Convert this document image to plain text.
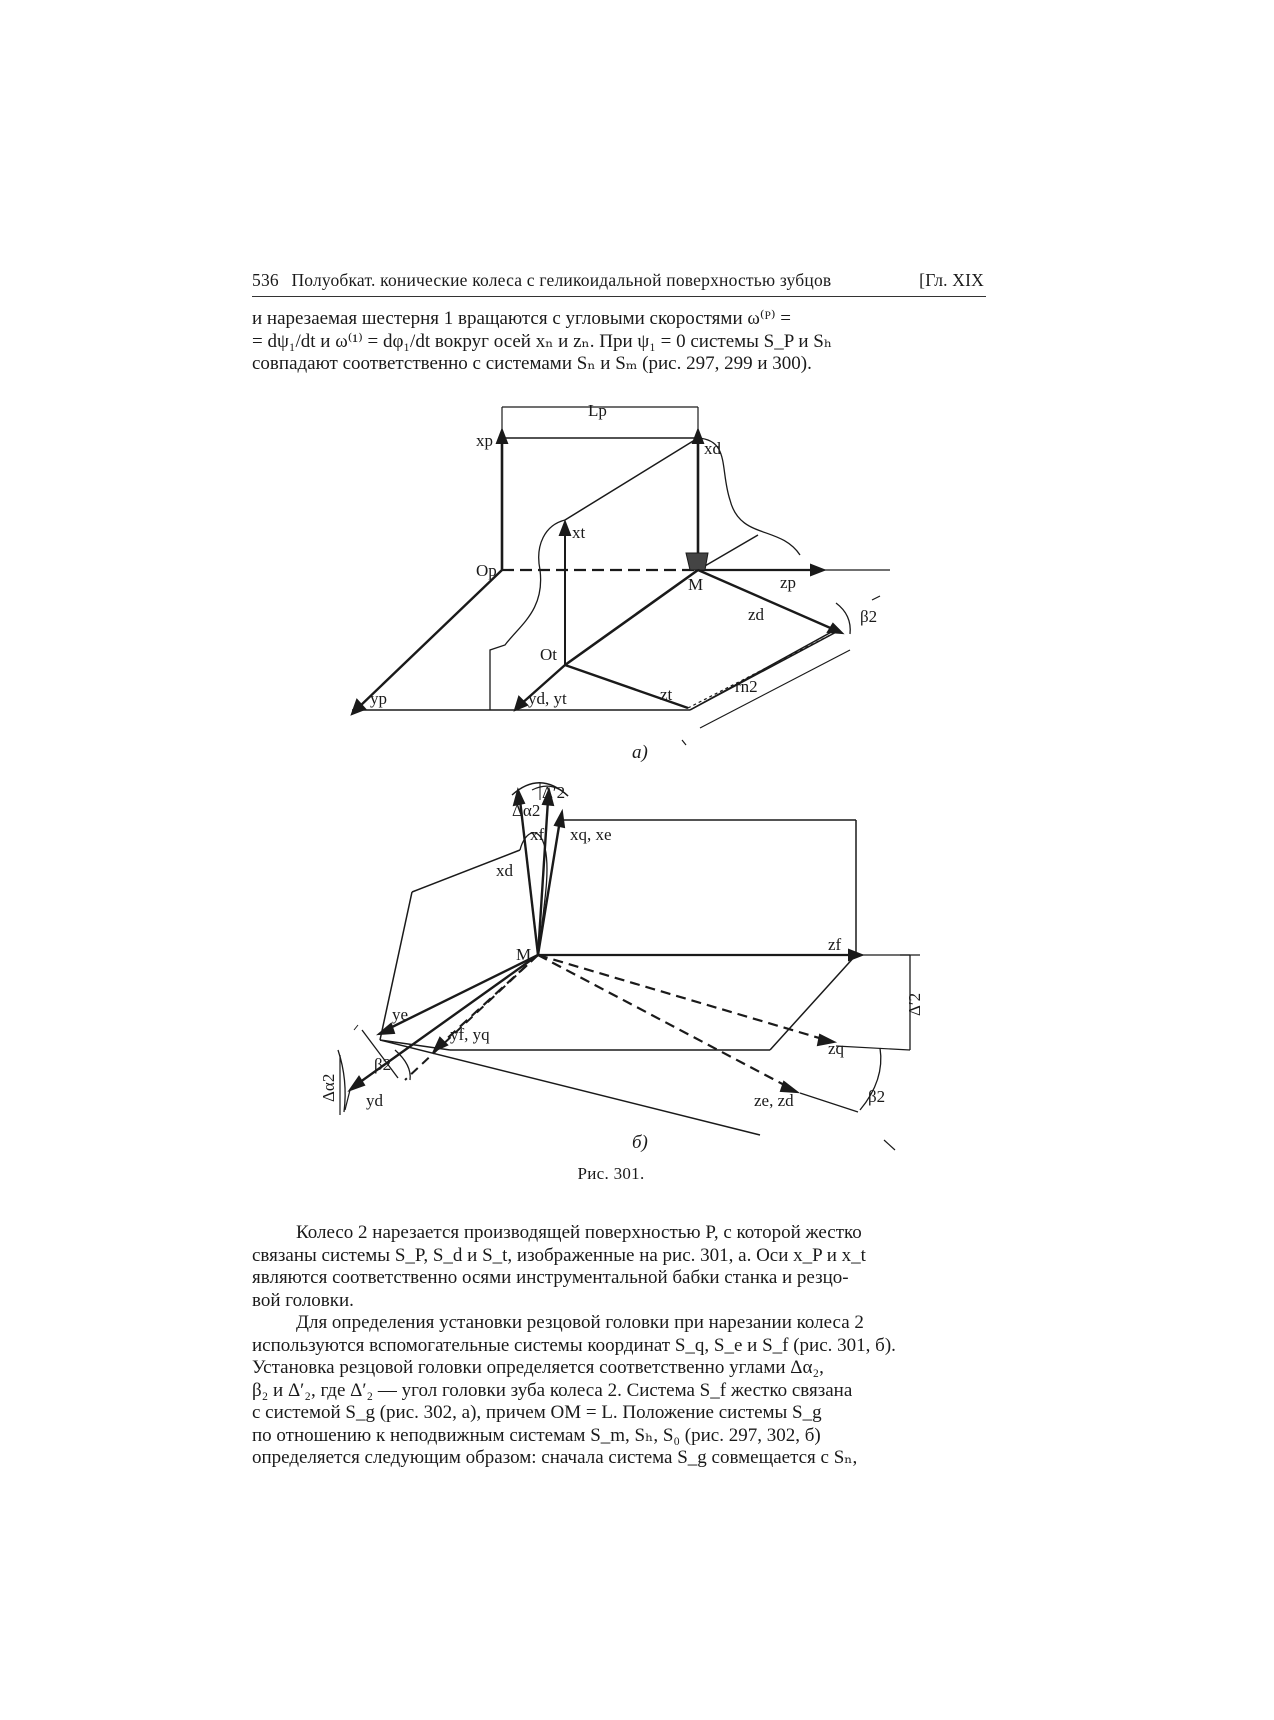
536 Полуобкат. конические колеса с геликоидальной поверхностью зубцов	[Гл. XIX
и нарезаемая шестерня 1 вращаются с угловыми скоростями ω⁽ᴾ⁾ =
= dψ₁/dt и ω⁽¹⁾ = dφ₁/dt вокруг осей xₙ и zₙ. При ψ₁ = 0 системы S_P и Sₕ
совпадают соответственно с системами Sₙ и Sₘ (рис. 297, 299 и 300).
Lp
xp	xd
xt
Op
M	zp
zd	β2
Ot
zt
yp	yd, yt
rn2
Δ′2
Δα2
xf xq, xe
xd
M
zf
Δ′2
ye
yf, yq
zq
Δα2
β2
β2
yd	ze, zd
а)
б)
Рис. 301.
Колесо 2 нарезается производящей поверхностью P, с которой жестко
связаны системы S_P, S_d и S_t, изображенные на рис. 301, а. Оси x_P и x_t
являются соответственно осями инструментальной бабки станка и резцо-
вой головки.
Для определения установки резцовой головки при нарезании колеса 2
используются вспомогательные системы координат S_q, S_e и S_f (рис. 301, б).
Установка резцовой головки определяется соответственно углами Δα₂,
β₂ и Δ′₂, где Δ′₂ — угол головки зуба колеса 2. Система S_f жестко связана
с системой S_g (рис. 302, а), причем OM = L. Положение системы S_g
по отношению к неподвижным системам S_m, Sₕ, S₀ (рис. 297, 302, б)
определяется следующим образом: сначала система S_g совмещается с Sₙ,
